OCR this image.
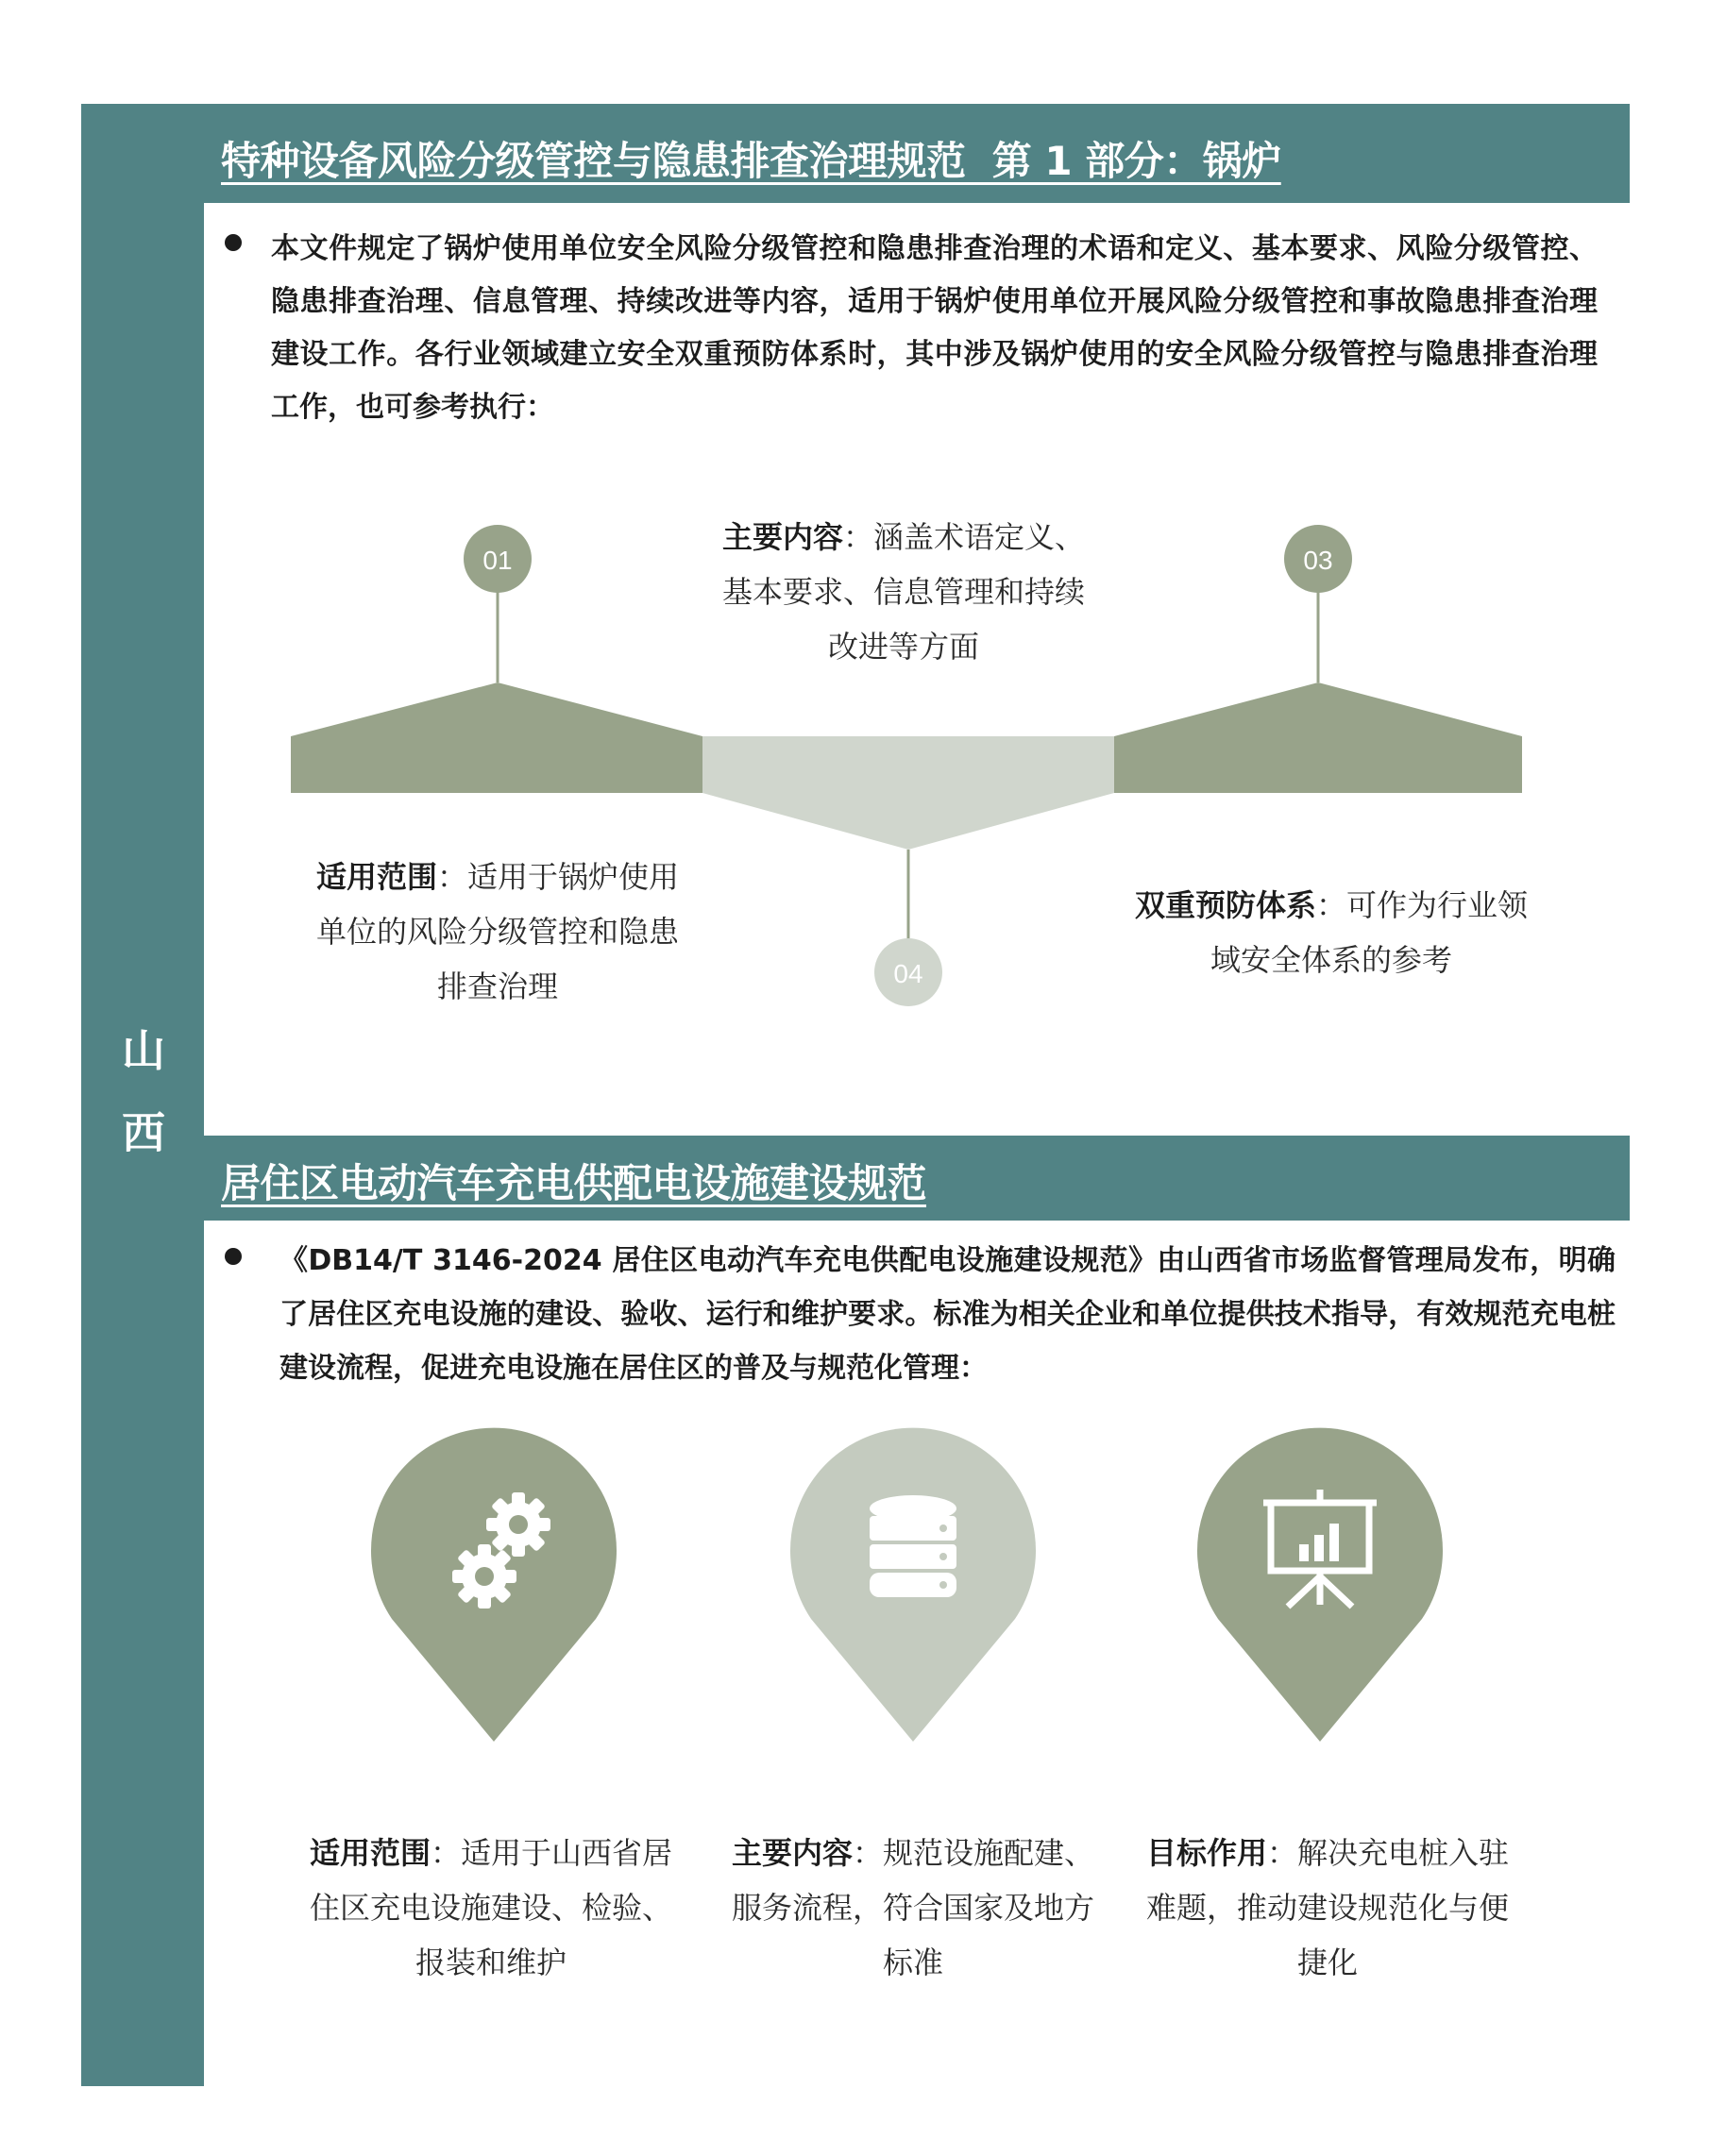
山
西
特种设备风险分级管控与隐患排查治理规范  第 1 部分：锅炉
本文件规定了锅炉使用单位安全风险分级管控和隐患排查治理的术语和定义、基本要求、风险分级管控、隐患排查治理、信息管理、持续改进等内容，适用于锅炉使用单位开展风险分级管控和事故隐患排查治理建设工作。各行业领域建立安全双重预防体系时，其中涉及锅炉使用的安全风险分级管控与隐患排查治理工作，也可参考执行：
01	03
04
主要内容：涵盖术语定义、基本要求、信息管理和持续改进等方面
适用范围：适用于锅炉使用单位的风险分级管控和隐患排查治理
双重预防体系：可作为行业领域安全体系的参考
居住区电动汽车充电供配电设施建设规范
《DB14/T 3146-2024 居住区电动汽车充电供配电设施建设规范》由山西省市场监督管理局发布，明确了居住区充电设施的建设、验收、运行和维护要求。标准为相关企业和单位提供技术指导，有效规范充电桩建设流程，促进充电设施在居住区的普及与规范化管理：
适用范围：适用于山西省居住区充电设施建设、检验、报装和维护
主要内容：规范设施配建、服务流程，符合国家及地方标准
目标作用：解决充电桩入驻难题，推动建设规范化与便捷化
